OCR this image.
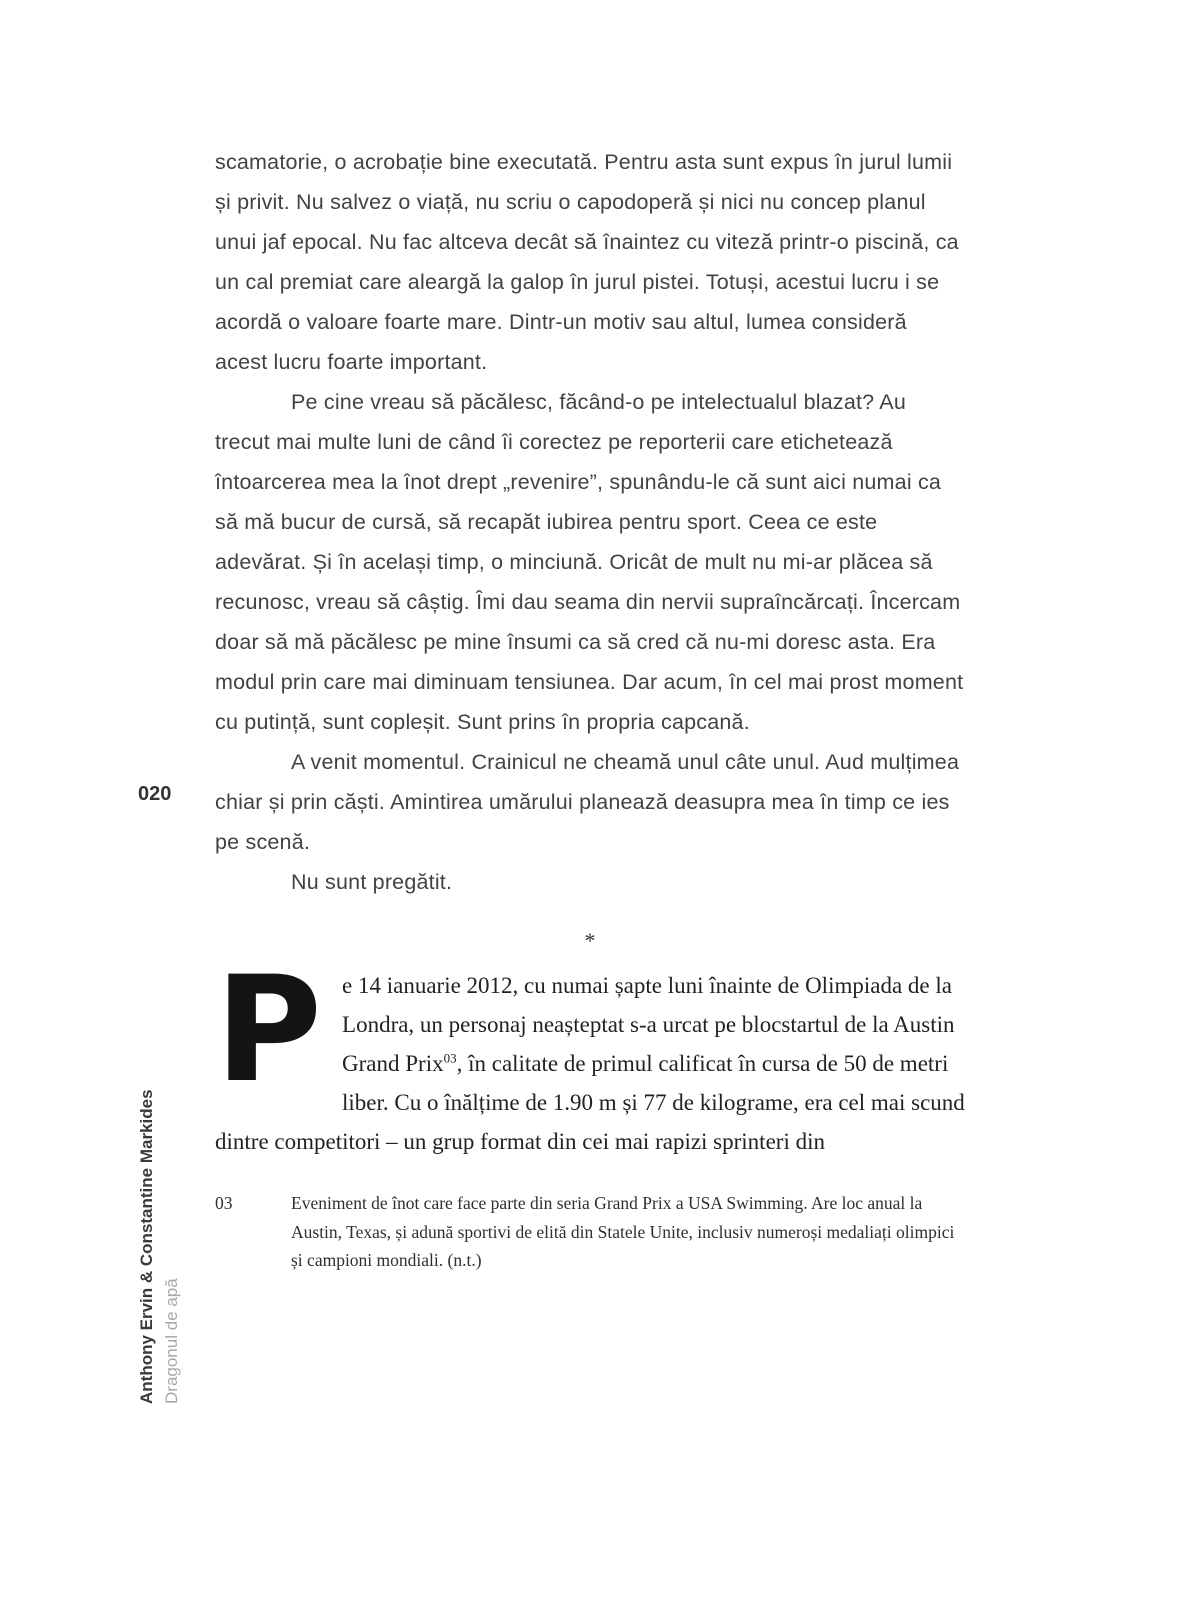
020
Anthony Ervin & Constantine Markides Dragonul de apă

scamatorie, o acrobație bine executată. Pentru asta sunt expus în jurul lumii și privit. Nu salvez o viață, nu scriu o capodoperă și nici nu concep planul unui jaf epocal. Nu fac altceva decât să înaintez cu viteză printr-o piscină, ca un cal premiat care aleargă la galop în jurul pistei. Totuși, acestui lucru i se acordă o valoare foarte mare. Dintr-un motiv sau altul, lumea consideră acest lucru foarte important.

Pe cine vreau să păcălesc, făcând-o pe intelectualul blazat? Au trecut mai multe luni de când îi corectez pe reporterii care etichetează întoarcerea mea la înot drept „revenire”, spunându-le că sunt aici numai ca să mă bucur de cursă, să recapăt iubirea pentru sport. Ceea ce este adevărat. Și în același timp, o minciună. Oricât de mult nu mi-ar plăcea să recunosc, vreau să câștig. Îmi dau seama din nervii supraîncărcați. Încercam doar să mă păcălesc pe mine însumi ca să cred că nu-mi doresc asta. Era modul prin care mai diminuam tensiunea. Dar acum, în cel mai prost moment cu putință, sunt copleșit. Sunt prins în propria capcană.

A venit momentul. Crainicul ne cheamă unul câte unul. Aud mulțimea chiar și prin căști. Amintirea umărului planează deasupra mea în timp ce ies pe scenă.

Nu sunt pregătit.

*
Pe 14 ianuarie 2012, cu numai șapte luni înainte de Olimpiada de la Londra, un personaj neașteptat s-a urcat pe blocstartul de la Austin Grand Prix$^{03}$, în calitate de primul calificat în cursa de 50 de metri liber. Cu o înălțime de 1.90 m și 77 de kilograme, era cel mai scund dintre competitori – un grup format din cei mai rapizi sprinteri din
03	Eveniment de înot care face parte din seria Grand Prix a USA Swimming. Are loc anual la Austin, Texas, și adună sportivi de elită din Statele Unite, inclusiv numeroși medaliați olimpici și campioni mondiali. (n.t.)
